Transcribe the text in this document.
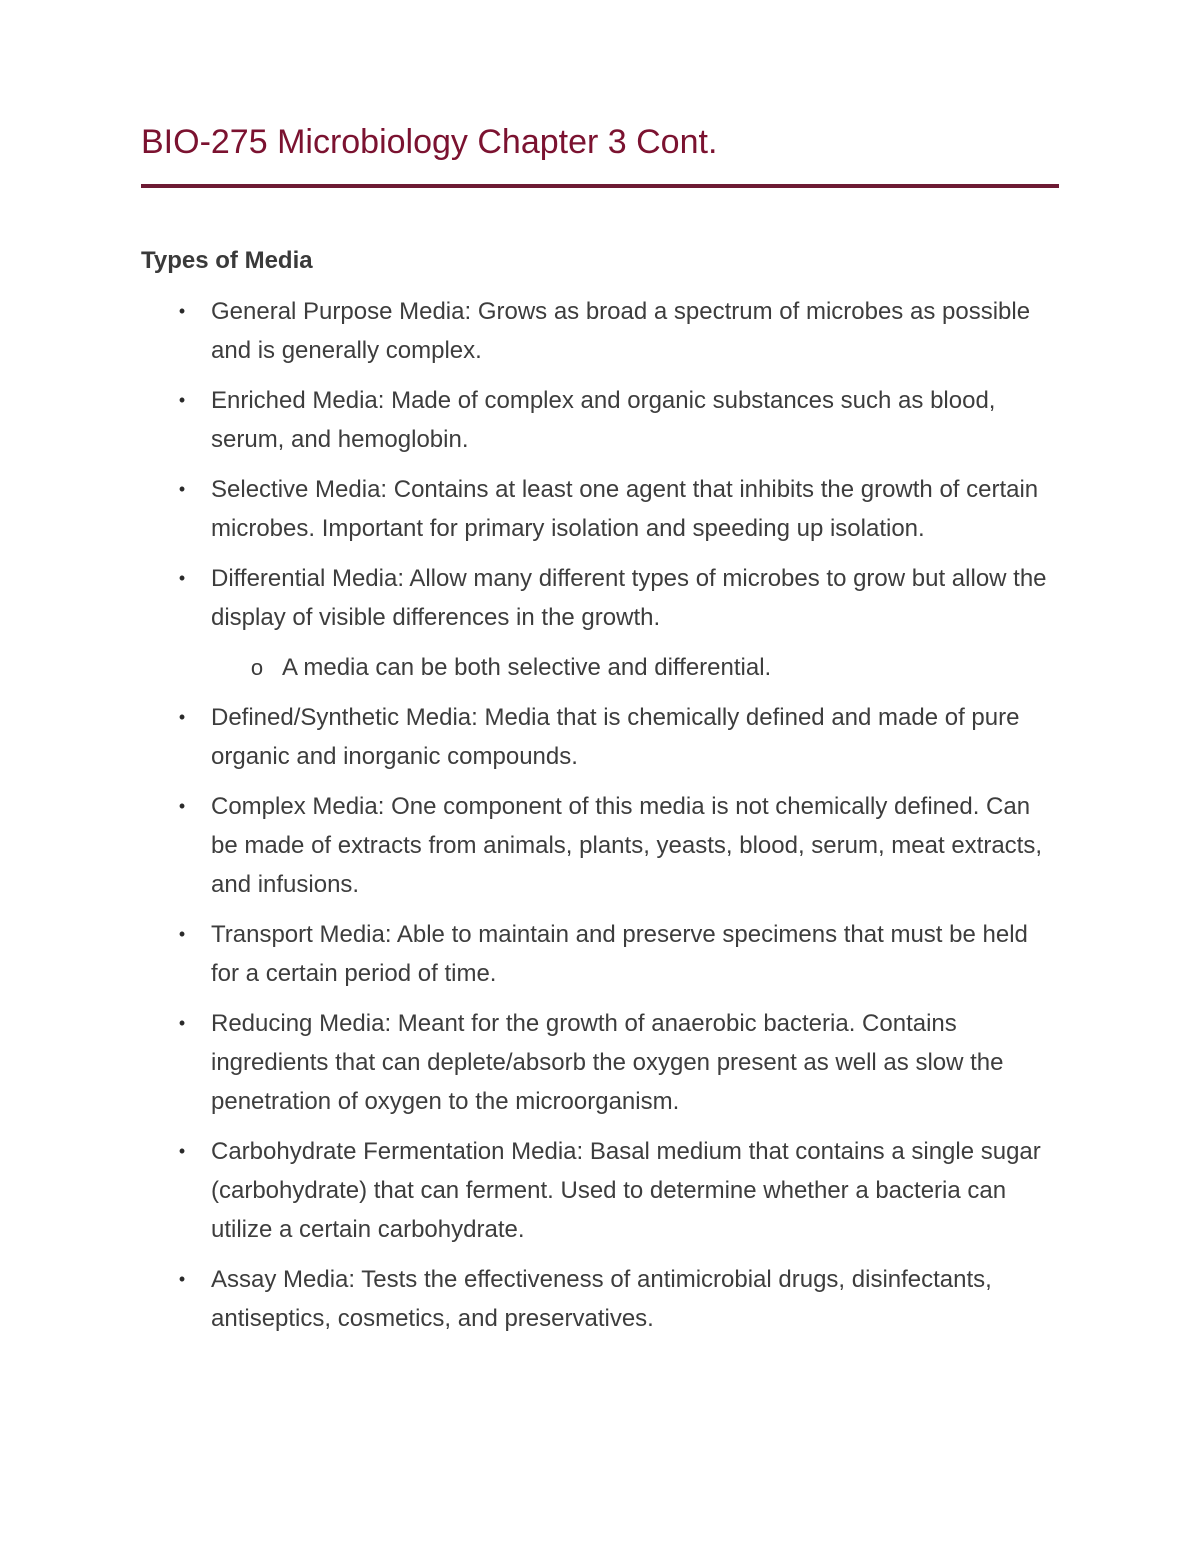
BIO-275 Microbiology Chapter 3 Cont.
Types of Media
• General Purpose Media: Grows as broad a spectrum of microbes as possible and is generally complex.
• Enriched Media: Made of complex and organic substances such as blood, serum, and hemoglobin.
• Selective Media: Contains at least one agent that inhibits the growth of certain microbes. Important for primary isolation and speeding up isolation.
• Differential Media: Allow many different types of microbes to grow but allow the display of visible differences in the growth.
o A media can be both selective and differential.
• Defined/Synthetic Media: Media that is chemically defined and made of pure organic and inorganic compounds.
• Complex Media: One component of this media is not chemically defined. Can be made of extracts from animals, plants, yeasts, blood, serum, meat extracts, and infusions.
• Transport Media: Able to maintain and preserve specimens that must be held for a certain period of time.
• Reducing Media: Meant for the growth of anaerobic bacteria. Contains ingredients that can deplete/absorb the oxygen present as well as slow the penetration of oxygen to the microorganism.
• Carbohydrate Fermentation Media: Basal medium that contains a single sugar (carbohydrate) that can ferment. Used to determine whether a bacteria can utilize a certain carbohydrate.
• Assay Media: Tests the effectiveness of antimicrobial drugs, disinfectants, antiseptics, cosmetics, and preservatives.
